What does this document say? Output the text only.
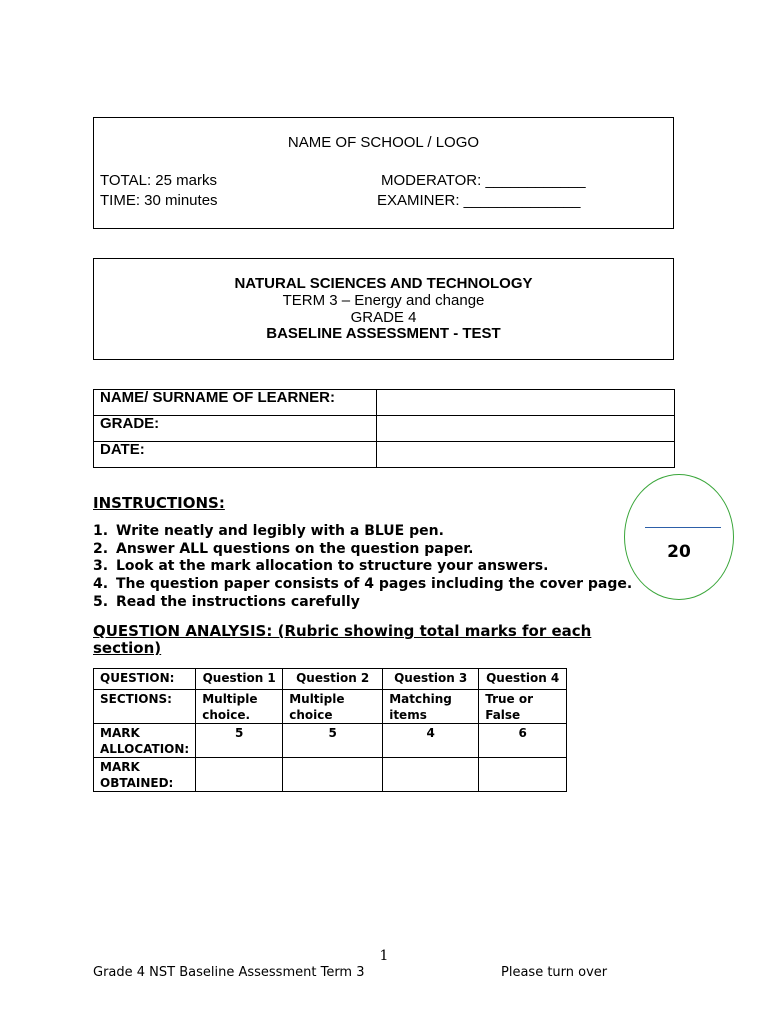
NAME OF SCHOOL / LOGO
TOTAL: 25 marks
TIME: 30 minutes
MODERATOR: ____________
EXAMINER: ______________
NATURAL SCIENCES AND TECHNOLOGY
TERM 3 – Energy and change
GRADE 4
BASELINE ASSESSMENT - TEST
NAME/ SURNAME OF LEARNER:	
GRADE:	
DATE:	
INSTRUCTIONS:
1. Write neatly and legibly with a BLUE pen.
2. Answer ALL questions on the question paper.
3. Look at the mark allocation to structure your answers.
4. The question paper consists of 4 pages including the cover page.
5. Read the instructions carefully
20
QUESTION ANALYSIS: (Rubric showing total marks for each section)
QUESTION:	Question 1	Question 2	Question 3	Question 4
SECTIONS:	Multiple choice.	Multiple choice	Matching items	True or False
MARK ALLOCATION:	5	5	4	6
MARK OBTAINED:				
1
Grade 4 NST Baseline Assessment Term 3	Please turn over
